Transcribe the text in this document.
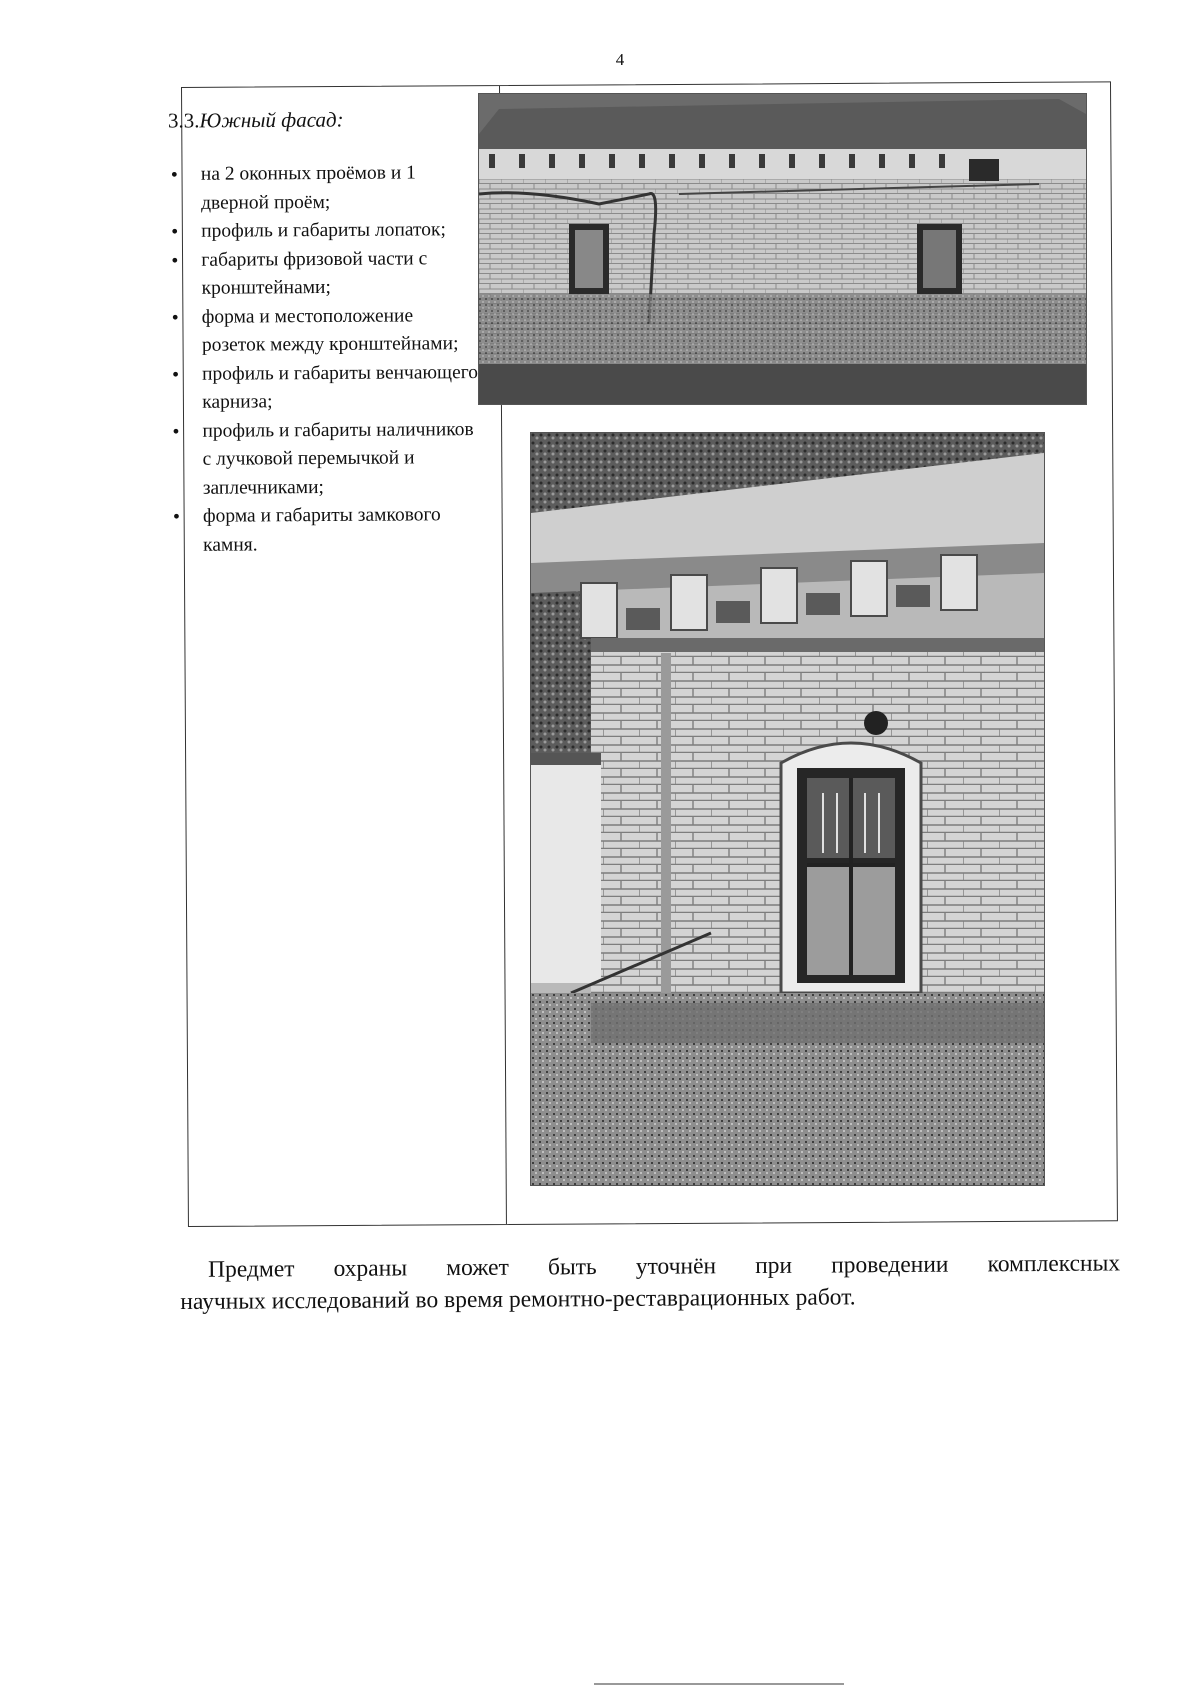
4
3.3.Южный фасад:
• на 2 оконных проёмов и 1 дверной проём;
• профиль и габариты лопаток;
• габариты фризовой части с кронштейнами;
• форма и местоположение розеток между кронштейнами;
• профиль и габариты венчающего карниза;
• профиль и габариты наличников с лучковой перемычкой и заплечниками;
• форма и габариты замкового камня.
Предмет охраны может быть уточнён при проведении комплексных
научных исследований во время ремонтно-реставрационных работ.
